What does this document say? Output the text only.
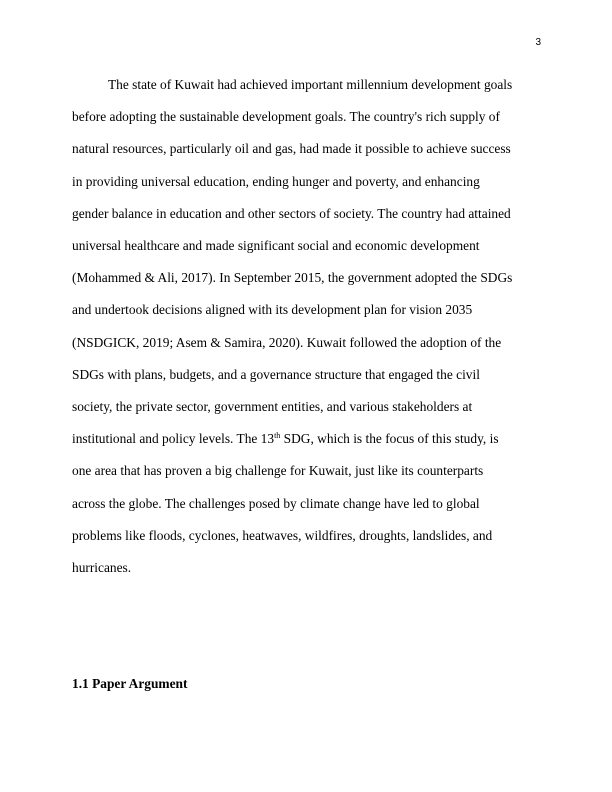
3
The state of Kuwait had achieved important millennium development goals
before adopting the sustainable development goals. The country's rich supply of
natural resources, particularly oil and gas, had made it possible to achieve success
in providing universal education, ending hunger and poverty, and enhancing
gender balance in education and other sectors of society. The country had attained
universal healthcare and made significant social and economic development
(Mohammed & Ali, 2017). In September 2015, the government adopted the SDGs
and undertook decisions aligned with its development plan for vision 2035
(NSDGICK, 2019; Asem & Samira, 2020). Kuwait followed the adoption of the
SDGs with plans, budgets, and a governance structure that engaged the civil
society, the private sector, government entities, and various stakeholders at
institutional and policy levels. The 13th SDG, which is the focus of this study, is
one area that has proven a big challenge for Kuwait, just like its counterparts
across the globe. The challenges posed by climate change have led to global
problems like floods, cyclones, heatwaves, wildfires, droughts, landslides, and
hurricanes.
1.1 Paper Argument
